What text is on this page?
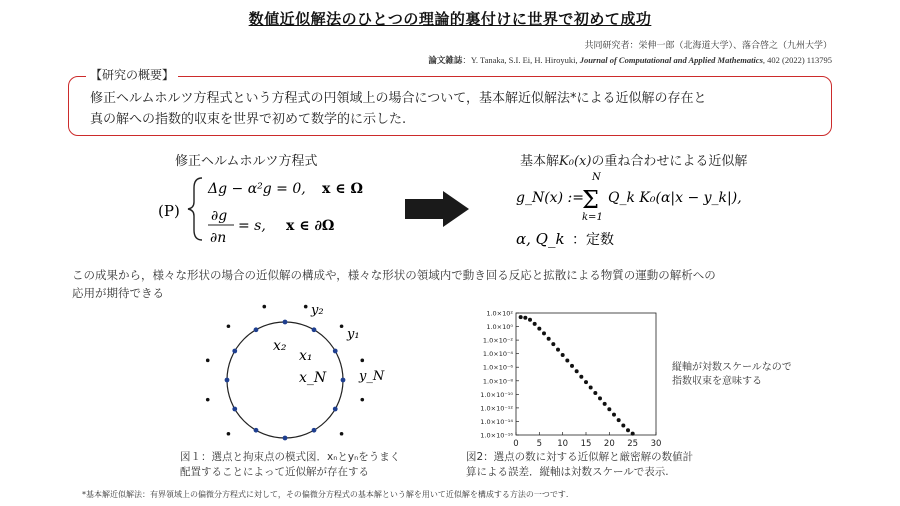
数値近似解法のひとつの理論的裏付けに世界で初めて成功
共同研究者：栄伸一郎（北海道大学）、落合啓之（九州大学）
論文雑誌：Y. Tanaka, S.I. Ei, H. Hiroyuki, Journal of Computational and Applied Mathematics, 402 (2022) 113795
【研究の概要】
修正ヘルムホルツ方程式という方程式の円領域上の場合について，基本解近似解法*による近似解の存在と
真の解への指数的収束を世界で初めて数学的に示した.
修正ヘルムホルツ方程式
(P)
Δg − α²g = 0, x ∈ Ω
∂g
∂n
= s, x ∈ ∂Ω
基本解K₀(x)の重ね合わせによる近似解
g_N(x) :=
N
Σ
k=1
Q_k K₀(α|x − y_k|),
α, Q_k ：定数
この成果から，様々な形状の場合の近似解の構成や，様々な形状の領域内で動き回る反応と拡散による物質の運動の解析への
応用が期待できる
y₂
y₁
x₂
x₁
x_N	y_N
図１：選点と拘束点の模式図．xₙとyₙをうまく
配置することによって近似解が存在する
1.0×10²
1.0×10⁰
1.0×10⁻²
1.0×10⁻⁴
1.0×10⁻⁶
1.0×10⁻⁸
1.0×10⁻¹⁰
1.0×10⁻¹²
1.0×10⁻¹⁴
1.0×10⁻¹⁶
0 5 10 15 20 25 30
縦軸が対数スケールなので指数収束を意味する
図2：選点の数に対する近似解と厳密解の数値計
算による誤差．縦軸は対数スケールで表示.
*基本解近似解法：有界領域上の偏微分方程式に対して，その偏微分方程式の基本解という解を用いて近似解を構成する方法の一つです.
